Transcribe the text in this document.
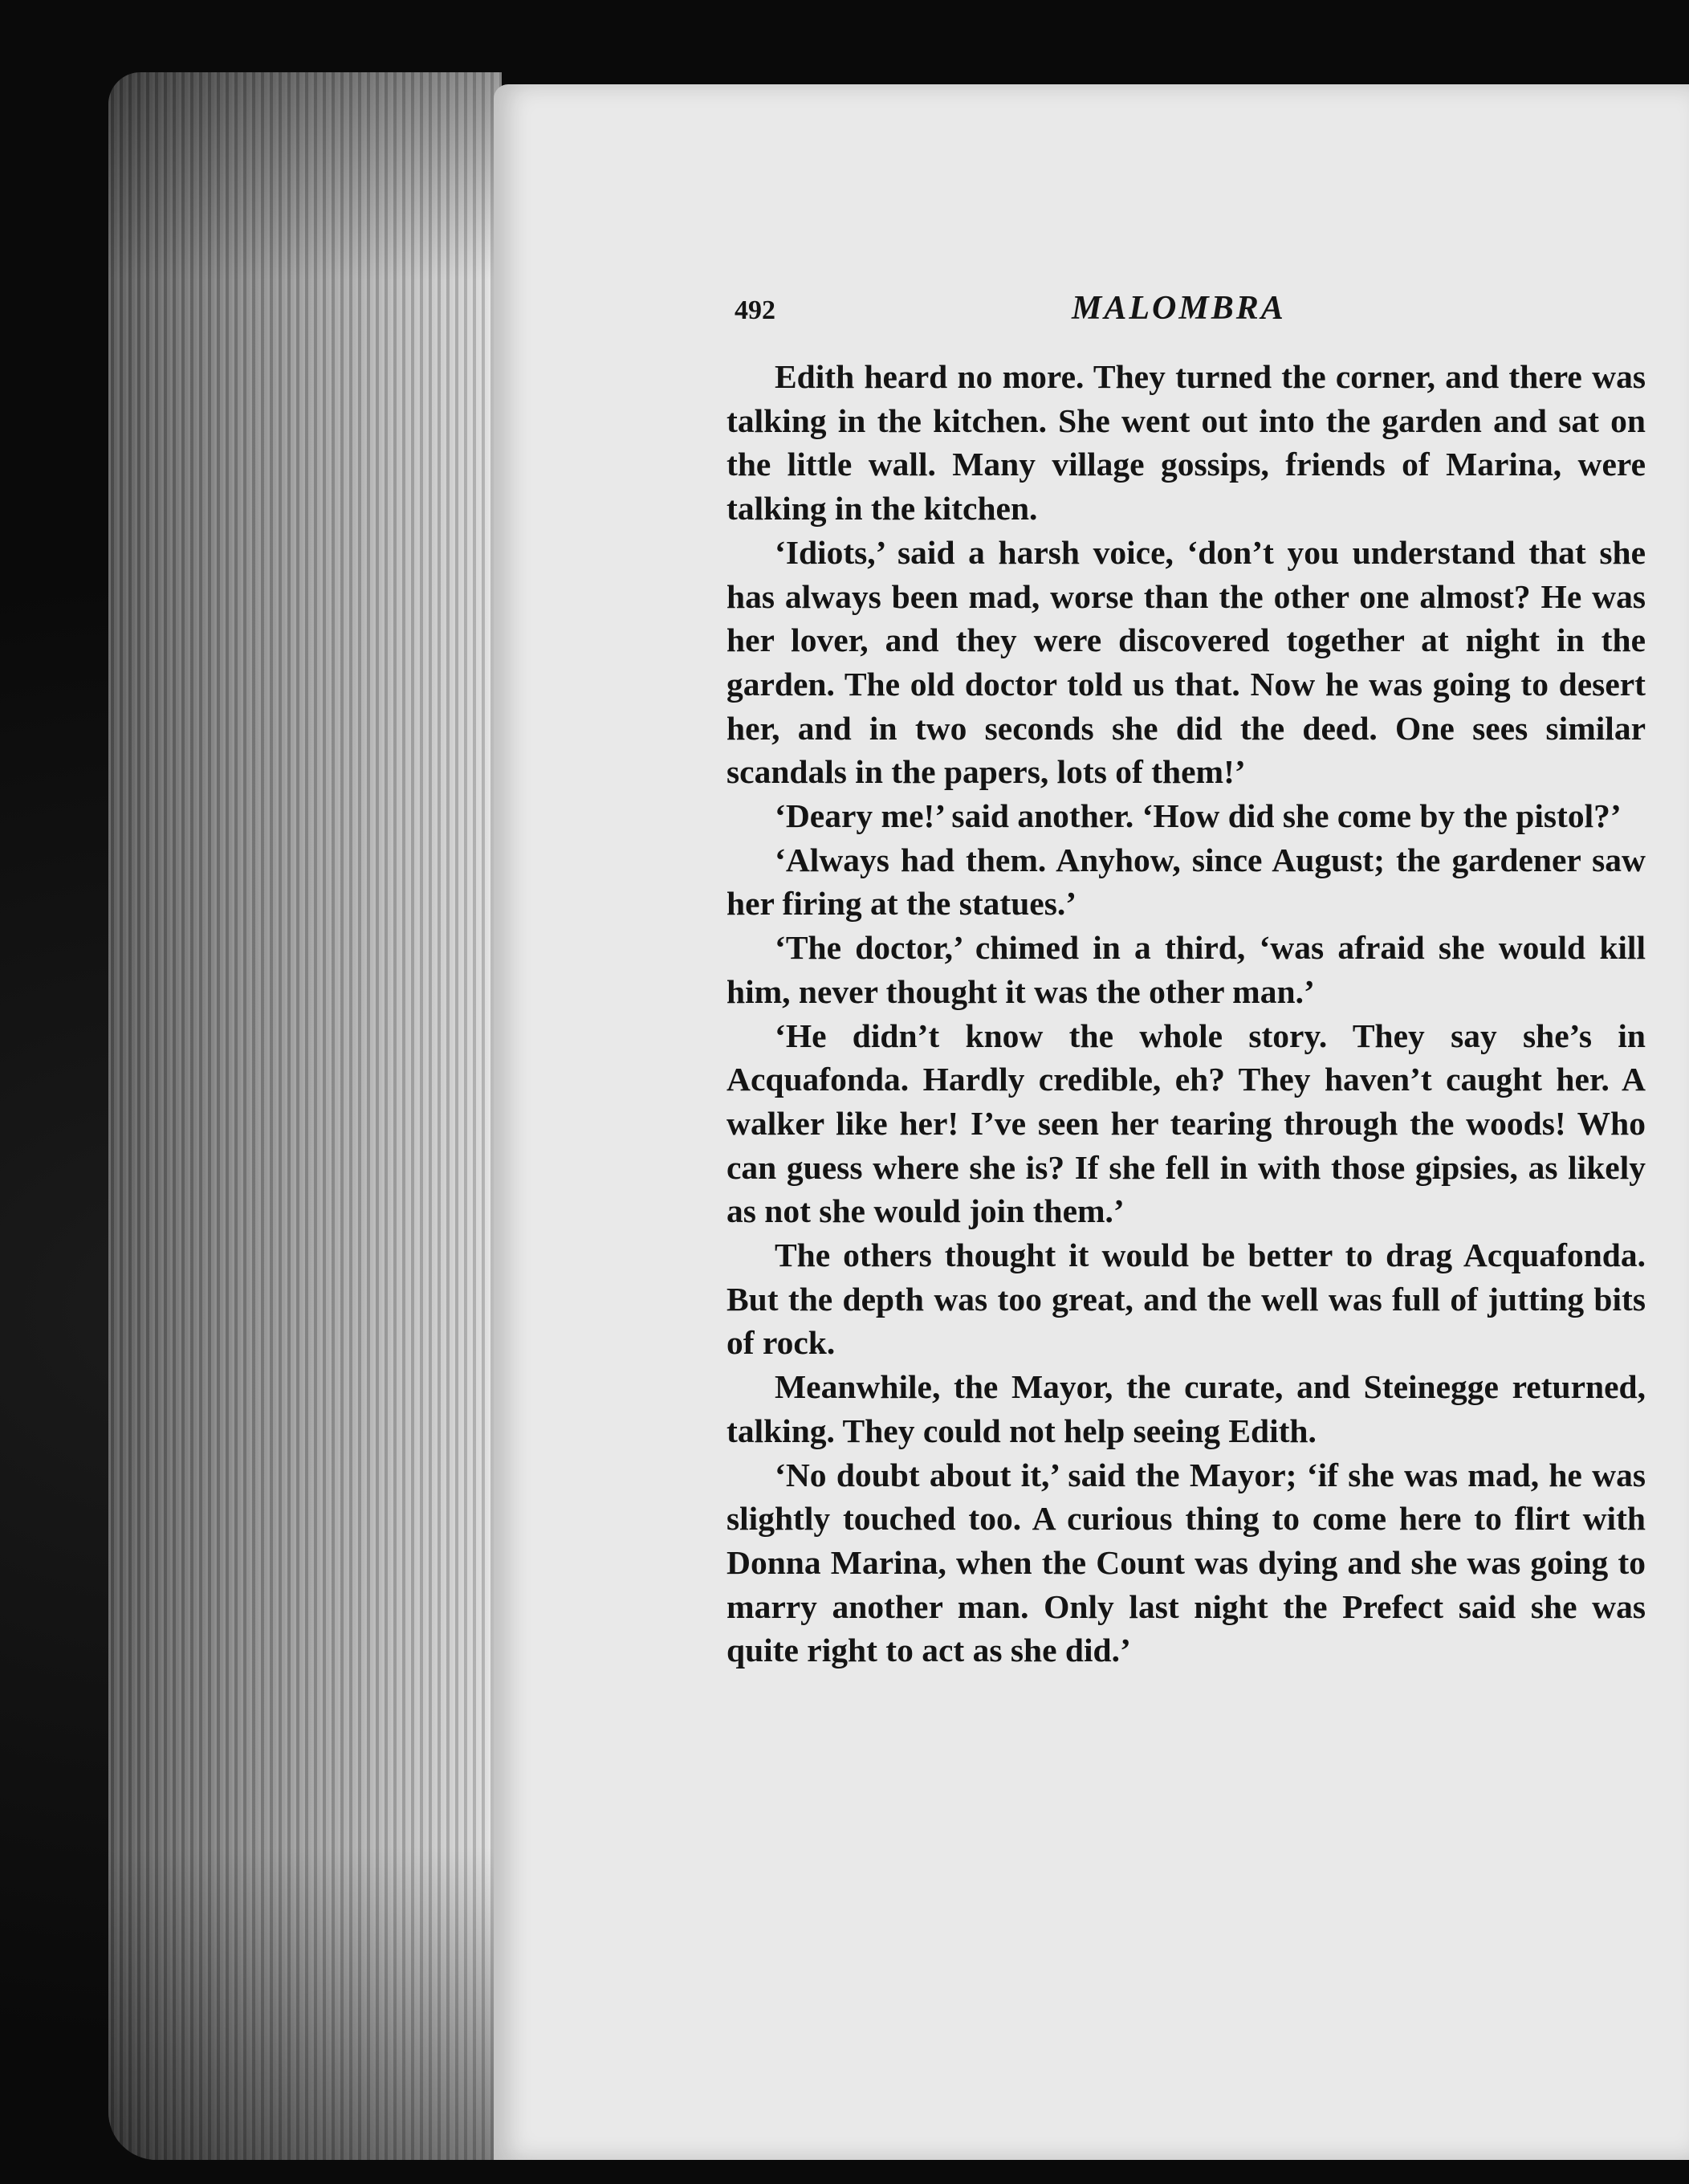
492	MALOMBRA

Edith heard no more. They turned the corner, and there was talking in the kitchen. She went out into the garden and sat on the little wall. Many village gossips, friends of Marina, were talking in the kitchen.

‘Idiots,’ said a harsh voice, ‘don’t you understand that she has always been mad, worse than the other one almost? He was her lover, and they were discovered together at night in the garden. The old doctor told us that. Now he was going to desert her, and in two seconds she did the deed. One sees similar scandals in the papers, lots of them!’

‘Deary me!’ said another. ‘How did she come by the pistol?’

‘Always had them. Anyhow, since August; the gardener saw her firing at the statues.’

‘The doctor,’ chimed in a third, ‘was afraid she would kill him, never thought it was the other man.’

‘He didn’t know the whole story. They say she’s in Acquafonda. Hardly credible, eh? They haven’t caught her. A walker like her! I’ve seen her tearing through the woods! Who can guess where she is? If she fell in with those gipsies, as likely as not she would join them.’

The others thought it would be better to drag Acquafonda. But the depth was too great, and the well was full of jutting bits of rock.

Meanwhile, the Mayor, the curate, and Steinegge returned, talking. They could not help seeing Edith.

‘No doubt about it,’ said the Mayor; ‘if she was mad, he was slightly touched too. A curious thing to come here to flirt with Donna Marina, when the Count was dying and she was going to marry another man. Only last night the Prefect said she was quite right to act as she did.’
